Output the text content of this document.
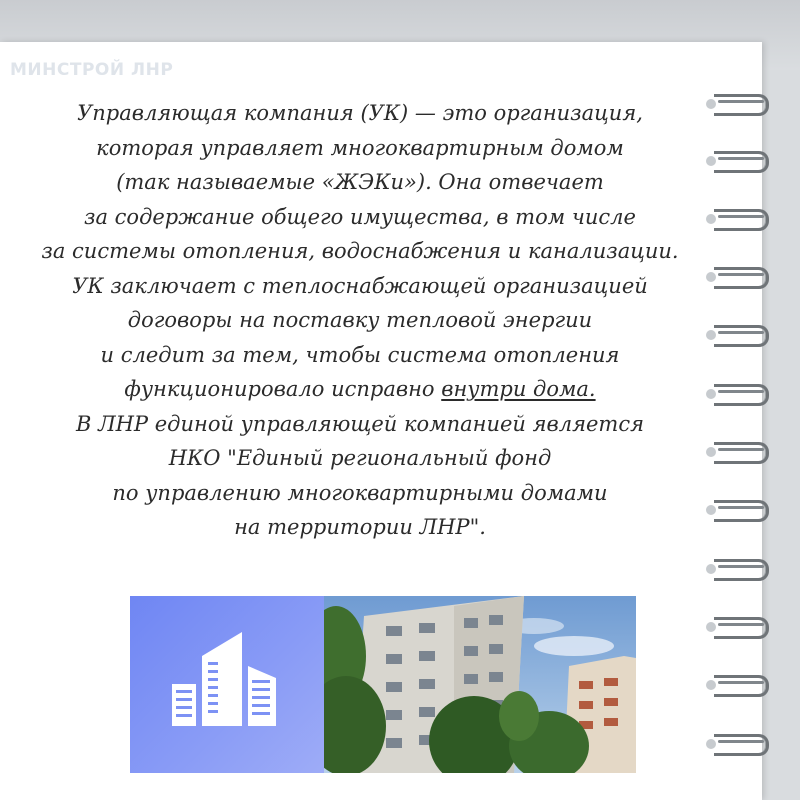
МИНСТРОЙ ЛНР
Управляющая компания (УК) — это организация,
которая управляет многоквартирным домом
(так называемые «ЖЭКи»). Она отвечает
за содержание общего имущества, в том числе
за системы отопления, водоснабжения и канализации.
УК заключает с теплоснабжающей организацией
договоры на поставку тепловой энергии
и следит за тем, чтобы система отопления
функционировало исправно внутри дома.
В ЛНР единой управляющей компанией является
НКО "Единый региональный фонд
по управлению многоквартирными домами
на территории ЛНР".
